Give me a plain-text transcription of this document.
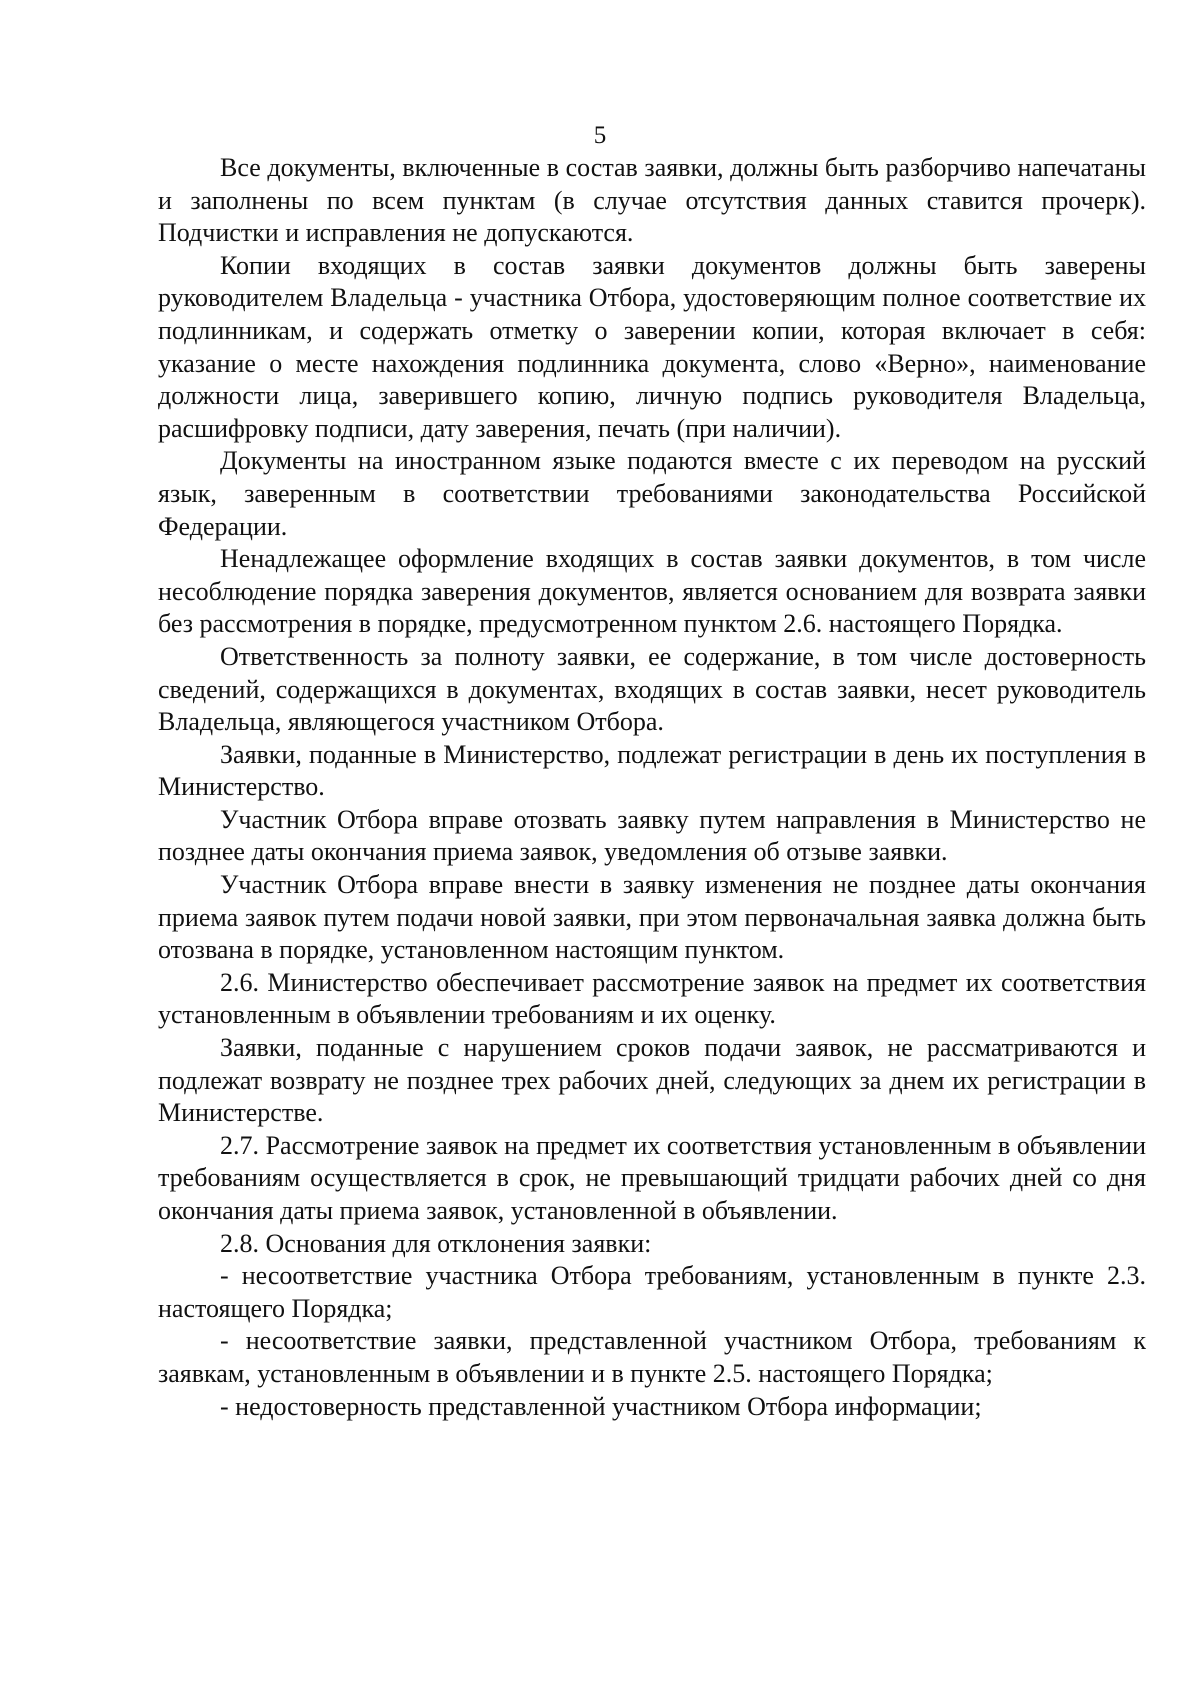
5

Все документы, включенные в состав заявки, должны быть разборчиво напечатаны и заполнены по всем пунктам (в случае отсутствия данных ставится прочерк). Подчистки и исправления не допускаются.

Копии входящих в состав заявки документов должны быть заверены руководителем Владельца - участника Отбора, удостоверяющим полное соответствие их подлинникам, и содержать отметку о заверении копии, которая включает в себя: указание о месте нахождения подлинника документа, слово «Верно», наименование должности лица, заверившего копию, личную подпись руководителя Владельца, расшифровку подписи, дату заверения, печать (при наличии).

Документы на иностранном языке подаются вместе с их переводом на русский язык, заверенным в соответствии требованиями законодательства Российской Федерации.

Ненадлежащее оформление входящих в состав заявки документов, в том числе несоблюдение порядка заверения документов, является основанием для возврата заявки без рассмотрения в порядке, предусмотренном пунктом 2.6. настоящего Порядка.

Ответственность за полноту заявки, ее содержание, в том числе достоверность сведений, содержащихся в документах, входящих в состав заявки, несет руководитель Владельца, являющегося участником Отбора.

Заявки, поданные в Министерство, подлежат регистрации в день их поступления в Министерство.

Участник Отбора вправе отозвать заявку путем направления в Министерство не позднее даты окончания приема заявок, уведомления об отзыве заявки.

Участник Отбора вправе внести в заявку изменения не позднее даты окончания приема заявок путем подачи новой заявки, при этом первоначальная заявка должна быть отозвана в порядке, установленном настоящим пунктом.

2.6. Министерство обеспечивает рассмотрение заявок на предмет их соответствия установленным в объявлении требованиям и их оценку.

Заявки, поданные с нарушением сроков подачи заявок, не рассматриваются и подлежат возврату не позднее трех рабочих дней, следующих за днем их регистрации в Министерстве.

2.7. Рассмотрение заявок на предмет их соответствия установленным в объявлении требованиям осуществляется в срок, не превышающий тридцати рабочих дней со дня окончания даты приема заявок, установленной в объявлении.

2.8. Основания для отклонения заявки:

- несоответствие участника Отбора требованиям, установленным в пункте 2.3. настоящего Порядка;

- несоответствие заявки, представленной участником Отбора, требованиям к заявкам, установленным в объявлении и в пункте 2.5. настоящего Порядка;

- недостоверность представленной участником Отбора информации;
